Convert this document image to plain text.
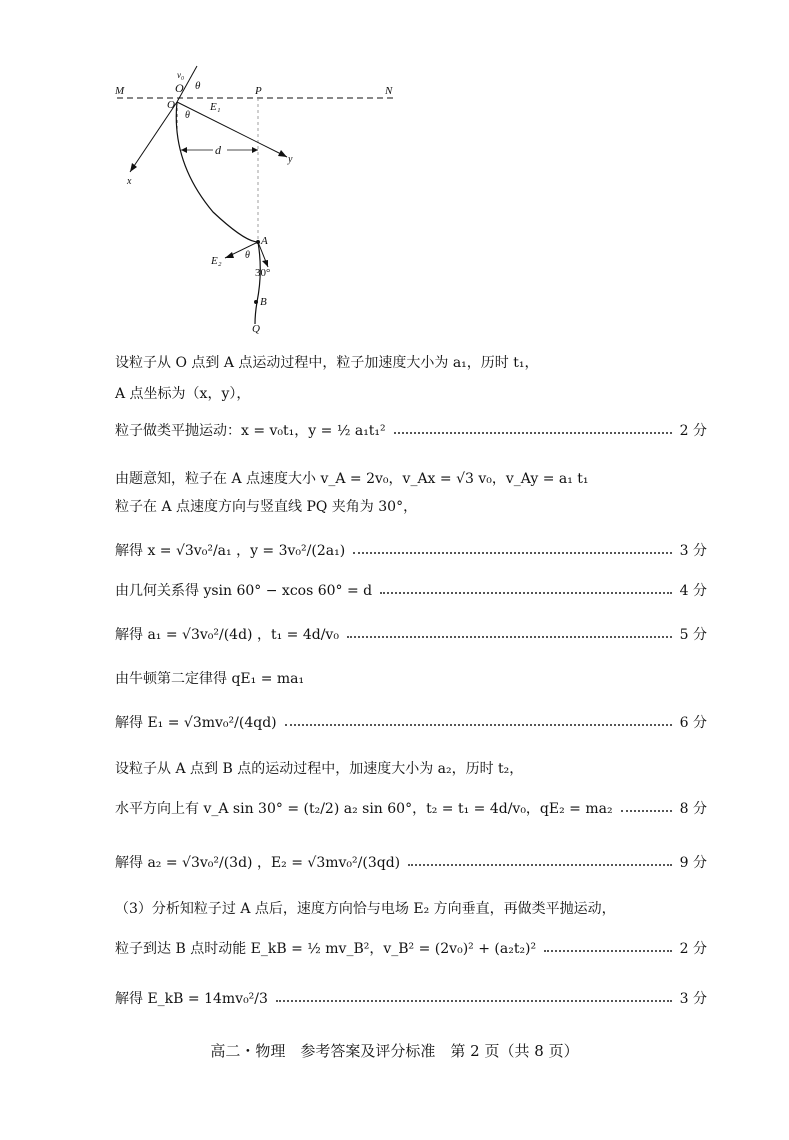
M	N
P
O
O
v₀
θ
θ
E₁
d
y
x
A
E₂ θ
30°
B
Q
设粒子从 O 点到 A 点运动过程中，粒子加速度大小为 a₁，历时 t₁，
A 点坐标为（x，y），
粒子做类平抛运动：x = v₀t₁，y = ½ a₁t₁²	2 分
由题意知，粒子在 A 点速度大小 v_A = 2v₀，v_Ax = √3 v₀，v_Ay = a₁ t₁
粒子在 A 点速度方向与竖直线 PQ 夹角为 30°，
解得 x = √3v₀²/a₁ ，y = 3v₀²/(2a₁)	3 分
由几何关系得 ysin 60° − xcos 60° = d	4 分
解得 a₁ = √3v₀²/(4d) ，t₁ = 4d/v₀	5 分
由牛顿第二定律得 qE₁ = ma₁
解得 E₁ = √3mv₀²/(4qd)	6 分
设粒子从 A 点到 B 点的运动过程中，加速度大小为 a₂，历时 t₂，
水平方向上有 v_A sin 30° = (t₂/2) a₂ sin 60°，t₂ = t₁ = 4d/v₀，qE₂ = ma₂	8 分
解得 a₂ = √3v₀²/(3d) ，E₂ = √3mv₀²/(3qd)	9 分
（3）分析知粒子过 A 点后，速度方向恰与电场 E₂ 方向垂直，再做类平抛运动，
粒子到达 B 点时动能 E_kB = ½ mv_B²，v_B² = (2v₀)² + (a₂t₂)²	2 分
解得 E_kB = 14mv₀²/3	3 分
高二・物理　参考答案及评分标准　第 2 页（共 8 页）
